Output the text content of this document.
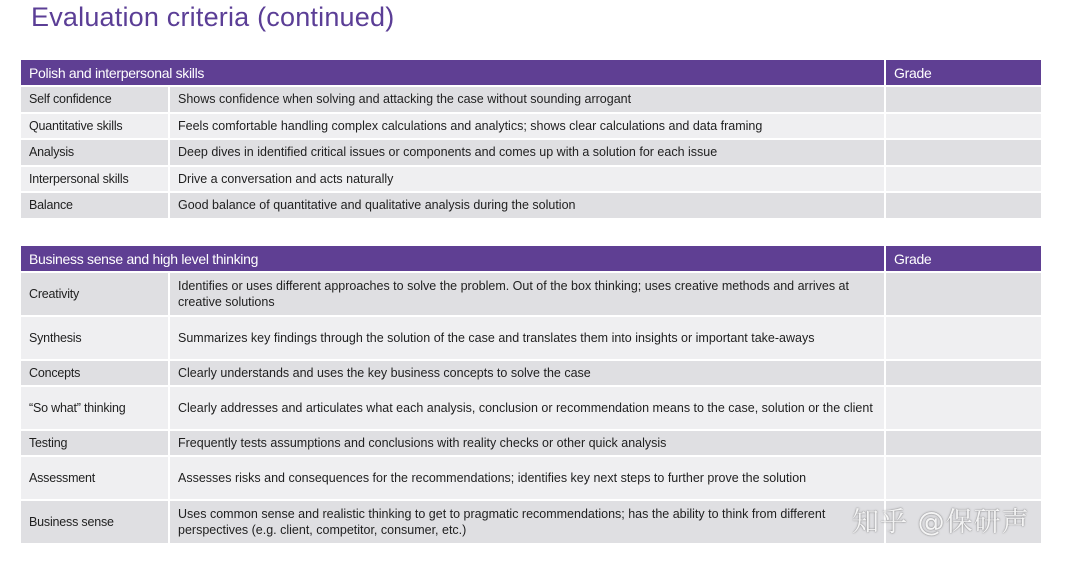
Evaluation criteria (continued)
Polish and interpersonal skills		Grade
Self confidence	Shows confidence when solving and attacking the case without sounding arrogant	
Quantitative skills	Feels comfortable handling complex calculations and analytics; shows clear calculations and data framing	
Analysis	Deep dives in identified critical issues or components and comes up with a solution for each issue	
Interpersonal skills	Drive a conversation and acts naturally	
Balance	Good balance of quantitative and qualitative analysis during the solution	
Business sense and high level thinking		Grade
Creativity	Identifies or uses different approaches to solve the problem. Out of the box thinking; uses creative methods and arrives at creative solutions	
Synthesis	Summarizes key findings through the solution of the case and translates them into insights or important take-aways	
Concepts	Clearly understands and uses the key business concepts to solve the case	
“So what” thinking	Clearly addresses and articulates what each analysis, conclusion or recommendation means to the case, solution or the client	
Testing	Frequently tests assumptions and conclusions with reality checks or other quick analysis	
Assessment	Assesses risks and consequences for the recommendations; identifies key next steps to further prove the solution	
Business sense	Uses common sense and realistic thinking to get to pragmatic recommendations; has the ability to think from different perspectives (e.g. client, competitor, consumer, etc.)		知乎 @保研声
